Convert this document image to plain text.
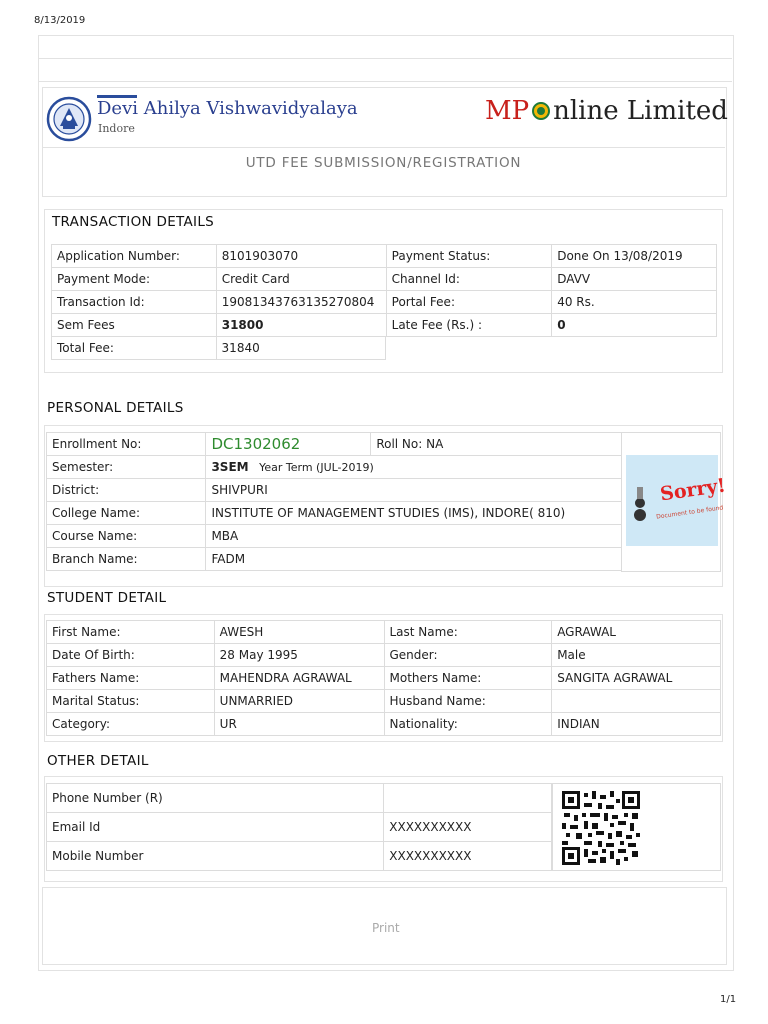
8/13/2019
1/1
Devi Ahilya Vishwavidyalaya
Indore
MP nline Limited
UTD FEE SUBMISSION/REGISTRATION
TRANSACTION DETAILS
Application Number:	8101903070	Payment Status:	Done On 13/08/2019
Payment Mode:	Credit Card	Channel Id:	DAVV
Transaction Id:	19081343763135270804	Portal Fee:	40 Rs.
Sem Fees	31800	Late Fee (Rs.) :	0
Total Fee:	31840
PERSONAL DETAILS
Enrollment No:	DC1302062	Roll No: NA
Semester:	3SEM Year Term (JUL-2019)	
District:	SHIVPURI	
College Name:	INSTITUTE OF MANAGEMENT STUDIES (IMS), INDORE( 810)	
Course Name:	MBA	
Branch Name:	FADM	
Sorry!
Document to be found
STUDENT DETAIL
First Name:	AWESH	Last Name:	AGRAWAL
Date Of Birth:	28 May 1995	Gender:	Male
Fathers Name:	MAHENDRA AGRAWAL	Mothers Name:	SANGITA AGRAWAL
Marital Status:	UNMARRIED	Husband Name:	
Category:	UR	Nationality:	INDIAN
OTHER DETAIL
Phone Number (R)	
Email Id	XXXXXXXXXX
Mobile Number	XXXXXXXXXX
Print
